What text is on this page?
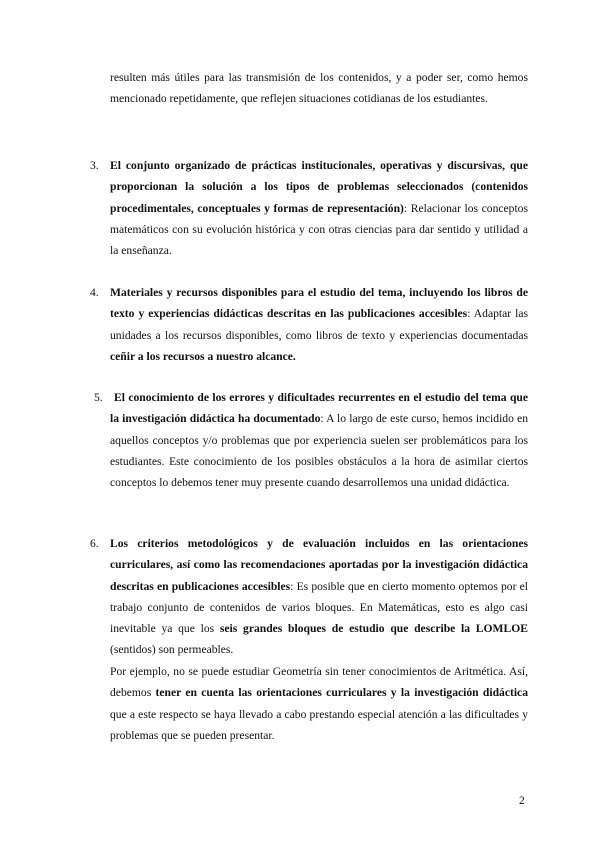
resulten más útiles para las transmisión de los contenidos, y a poder ser, como hemos mencionado repetidamente, que reflejen situaciones cotidianas de los estudiantes.
3. El conjunto organizado de prácticas institucionales, operativas y discursivas, que proporcionan la solución a los tipos de problemas seleccionados (contenidos procedimentales, conceptuales y formas de representación): Relacionar los conceptos matemáticos con su evolución histórica y con otras ciencias para dar sentido y utilidad a la enseñanza.
4. Materiales y recursos disponibles para el estudio del tema, incluyendo los libros de texto y experiencias didácticas descritas en las publicaciones accesibles: Adaptar las unidades a los recursos disponibles, como libros de texto y experiencias documentadas ceñir a los recursos a nuestro alcance.
5. El conocimiento de los errores y dificultades recurrentes en el estudio del tema que la investigación didáctica ha documentado: A lo largo de este curso, hemos incidido en aquellos conceptos y/o problemas que por experiencia suelen ser problemáticos para los estudiantes. Este conocimiento de los posibles obstáculos a la hora de asimilar ciertos conceptos lo debemos tener muy presente cuando desarrollemos una unidad didáctica.
6. Los criterios metodológicos y de evaluación incluidos en las orientaciones curriculares, así como las recomendaciones aportadas por la investigación didáctica descritas en publicaciones accesibles: Es posible que en cierto momento optemos por el trabajo conjunto de contenidos de varios bloques. En Matemáticas, esto es algo casi inevitable ya que los seis grandes bloques de estudio que describe la LOMLOE (sentidos) son permeables.
Por ejemplo, no se puede estudiar Geometría sin tener conocimientos de Aritmética. Así, debemos tener en cuenta las orientaciones curriculares y la investigación didáctica que a este respecto se haya llevado a cabo prestando especial atención a las dificultades y problemas que se pueden presentar.
2
